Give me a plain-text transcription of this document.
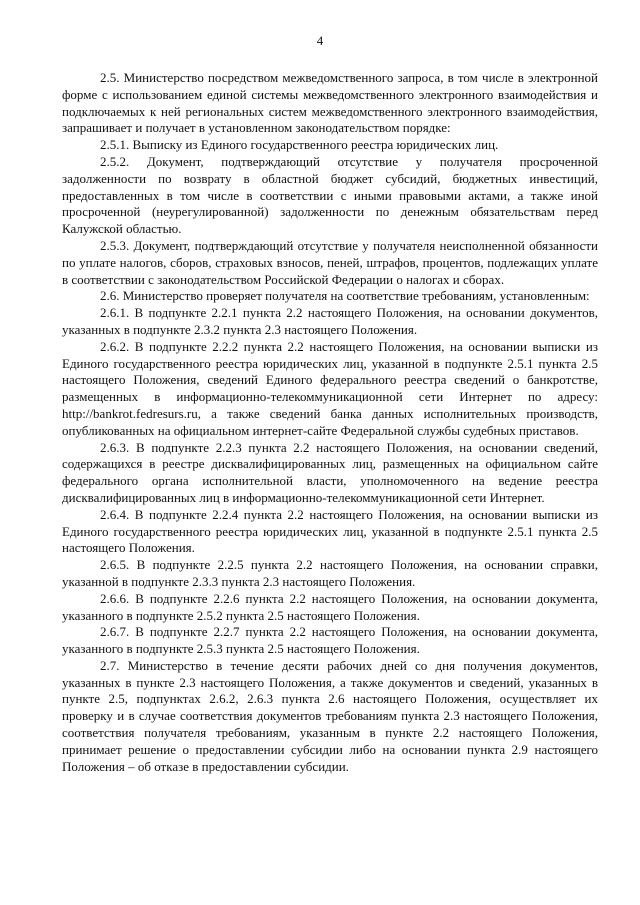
4

2.5. Министерство посредством межведомственного запроса, в том числе в электронной форме с использованием единой системы межведомственного электронного взаимодействия и подключаемых к ней региональных систем межведомственного электронного взаимодействия, запрашивает и получает в установленном законодательством порядке:

2.5.1. Выписку из Единого государственного реестра юридических лиц.

2.5.2. Документ, подтверждающий отсутствие у получателя просроченной задолженности по возврату в областной бюджет субсидий, бюджетных инвестиций, предоставленных в том числе в соответствии с иными правовыми актами, а также иной просроченной (неурегулированной) задолженности по денежным обязательствам перед Калужской областью.

2.5.3. Документ, подтверждающий отсутствие у получателя неисполненной обязанности по уплате налогов, сборов, страховых взносов, пеней, штрафов, процентов, подлежащих уплате в соответствии с законодательством Российской Федерации о налогах и сборах.

2.6. Министерство проверяет получателя на соответствие требованиям, установленным:

2.6.1. В подпункте 2.2.1 пункта 2.2 настоящего Положения, на основании документов, указанных в подпункте 2.3.2 пункта 2.3 настоящего Положения.

2.6.2. В подпункте 2.2.2 пункта 2.2 настоящего Положения, на основании выписки из Единого государственного реестра юридических лиц, указанной в подпункте 2.5.1 пункта 2.5 настоящего Положения, сведений Единого федерального реестра сведений о банкротстве, размещенных в информационно-телекоммуникационной сети Интернет по адресу: http://bankrot.fedresurs.ru, а также сведений банка данных исполнительных производств, опубликованных на официальном интернет-сайте Федеральной службы судебных приставов.

2.6.3. В подпункте 2.2.3 пункта 2.2 настоящего Положения, на основании сведений, содержащихся в реестре дисквалифицированных лиц, размещенных на официальном сайте федерального органа исполнительной власти, уполномоченного на ведение реестра дисквалифицированных лиц в информационно-телекоммуникационной сети Интернет.

2.6.4. В подпункте 2.2.4 пункта 2.2 настоящего Положения, на основании выписки из Единого государственного реестра юридических лиц, указанной в подпункте 2.5.1 пункта 2.5 настоящего Положения.

2.6.5. В подпункте 2.2.5 пункта 2.2 настоящего Положения, на основании справки, указанной в подпункте 2.3.3 пункта 2.3 настоящего Положения.

2.6.6. В подпункте 2.2.6 пункта 2.2 настоящего Положения, на основании документа, указанного в подпункте 2.5.2 пункта 2.5 настоящего Положения.

2.6.7. В подпункте 2.2.7 пункта 2.2 настоящего Положения, на основании документа, указанного в подпункте 2.5.3 пункта 2.5 настоящего Положения.

2.7. Министерство в течение десяти рабочих дней со дня получения документов, указанных в пункте 2.3 настоящего Положения, а также документов и сведений, указанных в пункте 2.5, подпунктах 2.6.2, 2.6.3 пункта 2.6 настоящего Положения, осуществляет их проверку и в случае соответствия документов требованиям пункта 2.3 настоящего Положения, соответствия получателя требованиям, указанным в пункте 2.2 настоящего Положения, принимает решение о предоставлении субсидии либо на основании пункта 2.9 настоящего Положения – об отказе в предоставлении субсидии.
